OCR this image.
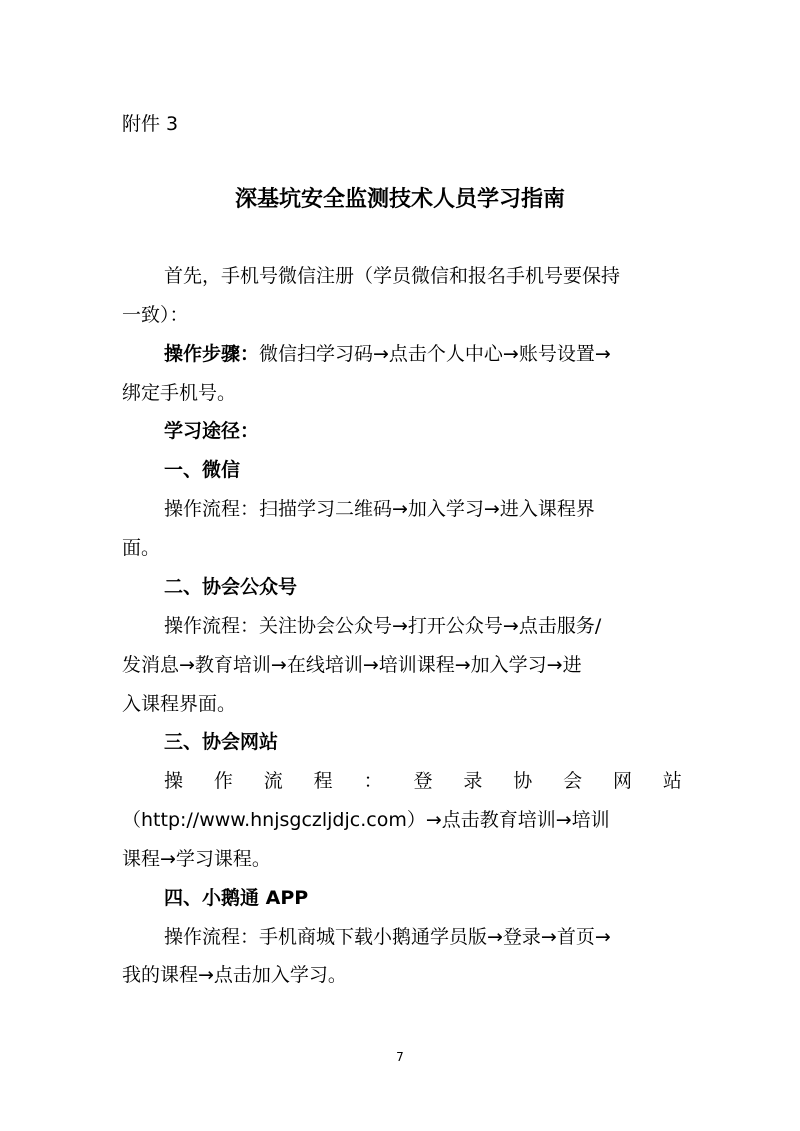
附件 3
深基坑安全监测技术人员学习指南
首先，手机号微信注册（学员微信和报名手机号要保持
一致）：
操作步骤：微信扫学习码→点击个人中心→账号设置→
绑定手机号。
学习途径：
一、微信
操作流程：扫描学习二维码→加入学习→进入课程界
面。
二、协会公众号
操作流程：关注协会公众号→打开公众号→点击服务/
发消息→教育培训→在线培训→培训课程→加入学习→进
入课程界面。
三、协会网站
操 作 流 程 ： 登 录 协 会 网 站
（http://www.hnjsgczljdjc.com）→点击教育培训→培训
课程→学习课程。
四、小鹅通 APP
操作流程：手机商城下载小鹅通学员版→登录→首页→
我的课程→点击加入学习。
7
